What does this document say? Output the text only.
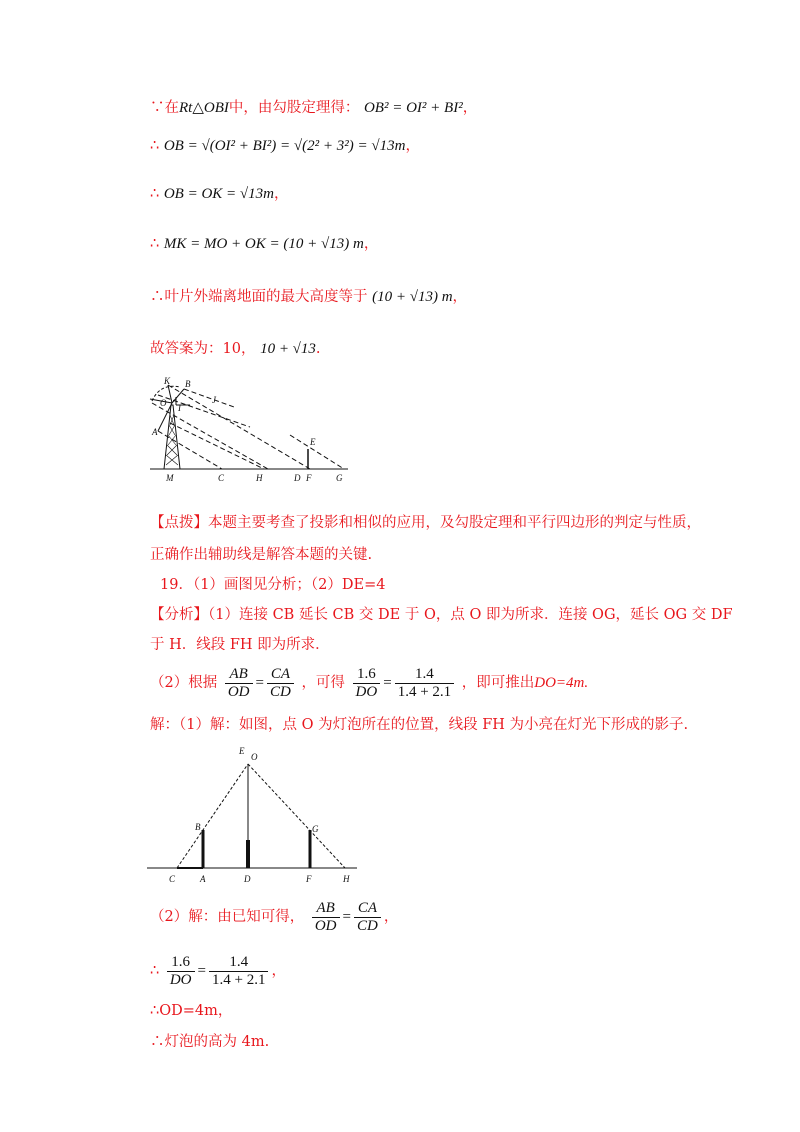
∵在Rt△OBI中，由勾股定理得： OB² = OI² + BI²，
∴ OB = √(OI² + BI²) = √(2² + 3²) = √13m，
∴ OB = OK = √13m，
∴ MK = MO + OK = (10 + √13) m，
∴叶片外端离地面的最大高度等于 (10 + √13) m，
故答案为：10， 10 + √13.
K B
O	J
I
A
E
M	C	H	D F	G
【点拨】本题主要考查了投影和相似的应用，及勾股定理和平行四边形的判定与性质，
正确作出辅助线是解答本题的关键.
19．（1）画图见分析；（2）DE=4
【分析】（1）连接 CB 延长 CB 交 DE 于 O，点 O 即为所求．连接 OG，延长 OG 交 DF
于 H．线段 FH 即为所求．
（2）根据 $\frac{AB}{OD} = \frac{CA}{CD}$ ，可得 $\frac{1.6}{DO} = \frac{1.4}{1.4 + 2.1}$ ，即可推出DO=4m.
解：（1）解：如图，点 O 为灯泡所在的位置，线段 FH 为小亮在灯光下形成的影子.
E
O
B	G
C	A	D	F	H
（2）解：由已知可得， $\frac{AB}{OD} = \frac{CA}{CD}$ ，
∴ $\frac{1.6}{DO} = \frac{1.4}{1.4 + 2.1}$ ，
∴OD=4m，
∴灯泡的高为 4m.
